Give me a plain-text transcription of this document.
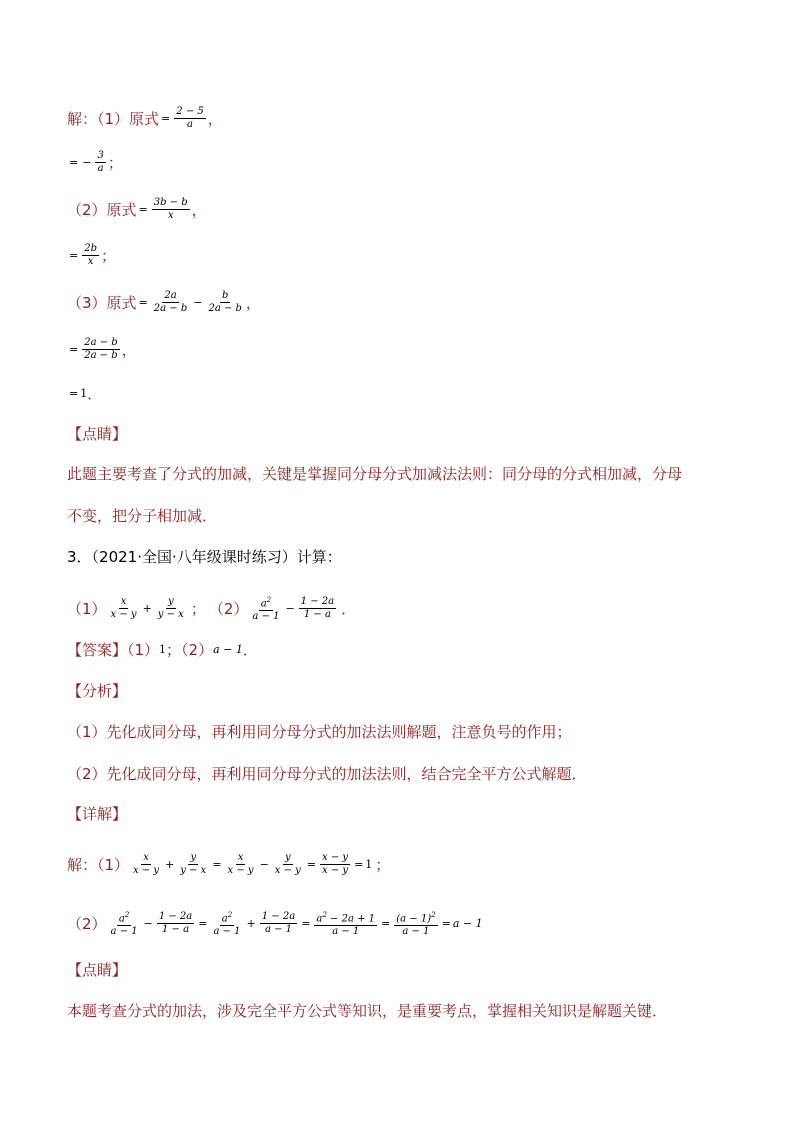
解：（1）原式 = $\frac{2 - 5}{a}$ ，
= − $\frac{3}{a}$ ；
（2）原式 = $\frac{3b - b}{x}$ ，
= $\frac{2b}{x}$ ；
（3）原式 = $\frac{2a}{2a - b} - \frac{b}{2a - b}$ ，
= $\frac{2a - b}{2a - b}$ ，
= 1 ．
【点睛】
此题主要考查了分式的加减，关键是掌握同分母分式加减法法则：同分母的分式相加减，分母
不变，把分子相加减．
3．（2021·全国·八年级课时练习）计算：
$(1) \frac{x}{x - y} + \frac{y}{y - x}$ ； $(2) \frac{a^2}{a - 1} - \frac{1 - 2a}{1 - a}$ ．
【答案】（1） 1 ；（2） a − 1 ．
【分析】
（1）先化成同分母，再利用同分母分式的加法法则解题，注意负号的作用；
（2）先化成同分母，再利用同分母分式的加法法则，结合完全平方公式解题．
【详解】
解：$(1) \frac{x}{x - y} + \frac{y}{y - x} = \frac{x}{x - y} - \frac{y}{x - y} = \frac{x - y}{x - y} = 1$ ；
$(2) \frac{a^2}{a - 1} - \frac{1 - 2a}{1 - a} = \frac{a^2}{a - 1} + \frac{1 - 2a}{a - 1} = \frac{a^2 - 2a + 1}{a - 1} = \frac{(a - 1)^2}{a - 1} = a - 1$
【点睛】
本题考查分式的加法，涉及完全平方公式等知识，是重要考点，掌握相关知识是解题关键．
